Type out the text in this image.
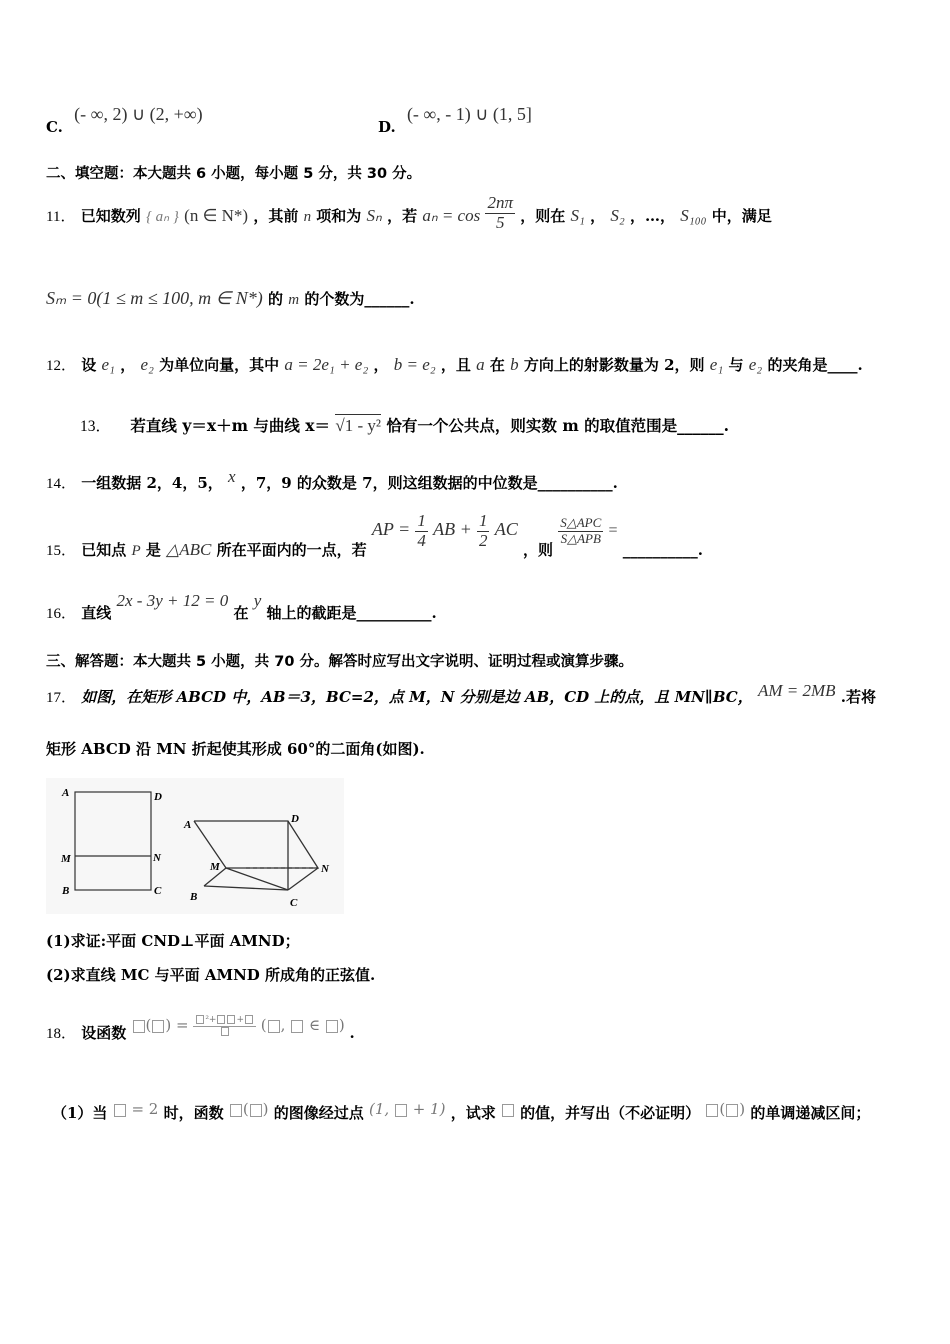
C. (- ∞, 2) ∪ (2, +∞)
D. (- ∞, - 1) ∪ (1, 5]
二、填空题：本大题共 6 小题，每小题 5 分，共 30 分。
11． 已知数列 { aₙ } (n ∈ N*) ，其前 n 项和为 Sₙ ，若 $a_n = \cos \frac{2n\pi}{5}$ ，则在 S₁ ， S₂ ，…， S₁₀₀ 中，满足
Sₘ = 0(1 ≤ m ≤ 100, m ∈ N*) 的 m 的个数为______.
12． 设 e₁ ， e₂ 为单位向量，其中 a = 2e₁ + e₂ ， b = e₂ ，且 a 在 b 方向上的射影数量为 2，则 e₁ 与 e₂ 的夹角是____.
13． 若直线 y＝x＋m 与曲线 x＝ √1 - y² 恰有一个公共点，则实数 m 的取值范围是______.
14． 一组数据 2，4，5， x ，7，9 的众数是 7，则这组数据的中位数是__________.
15． 已知点 P 是 △ABC 所在平面内的一点，若 AP = $\frac{1}{4}$ AB + $\frac{1}{2}$ AC ，则
$\frac{\text{S△APC}}{\text{S△APB}}$ = __________.
16． 直线 2x - 3y + 12 = 0 在 y 轴上的截距是__________.
三、解答题：本大题共 5 小题，共 70 分。解答时应写出文字说明、证明过程或演算步骤。
17． 如图，在矩形 ABCD 中，AB＝3，BC=2，点 M，N 分别是边 AB，CD 上的点，且 MN∥BC， AM = 2MB .若将
矩形 ABCD 沿 MN 折起使其形成 60°的二面角(如图).
A	D
M	N
B	C
A	D
M	N
B	C
(1)求证:平面 CND⊥平面 AMND；
(2)求直线 MC 与平面 AMND 所成角的正弦值.
18． 设函数 ( ) =	²+ + ( ,  ∈ ) .
（1）当  = 2 时，函数 ( ) 的图像经过点 (1,  + 1) ，试求 的值，并写出（不必证明） ( ) 的单调递减区间；
